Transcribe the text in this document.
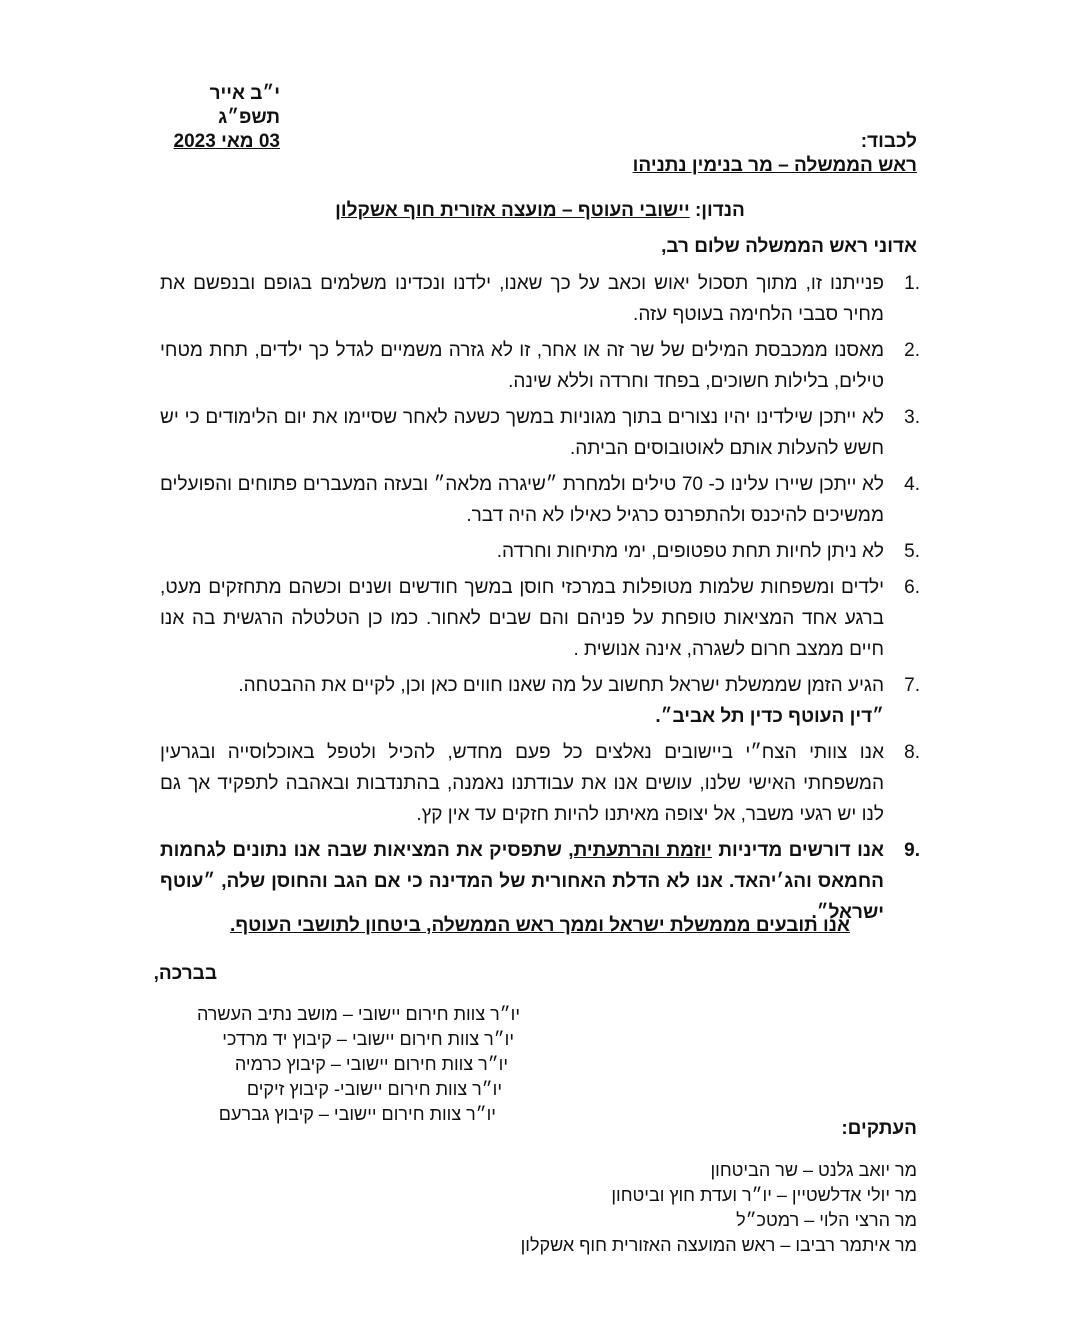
י״ב אייר תשפ״ג
03 מאי 2023	לכבוד:
ראש הממשלה – מר בנימין נתניהו
הנדון: יישובי העוטף – מועצה אזורית חוף אשקלון
אדוני ראש הממשלה שלום רב,
1.
פנייתנו זו, מתוך תסכול יאוש וכאב על כך שאנו, ילדנו ונכדינו משלמים בגופם ובנפשם את מחיר סבבי הלחימה בעוטף עזה.
2.
מאסנו ממכבסת המילים של שר זה או אחר, זו לא גזרה משמיים לגדל כך ילדים, תחת מטחי טילים, בלילות חשוכים, בפחד וחרדה וללא שינה.
3.
לא ייתכן שילדינו יהיו נצורים בתוך מגוניות במשך כשעה לאחר שסיימו את יום הלימודים כי יש חשש להעלות אותם לאוטובוסים הביתה.
4.
לא ייתכן שיירו עלינו כ- 70 טילים ולמחרת ״שיגרה מלאה״ ובעזה המעברים פתוחים והפועלים ממשיכים להיכנס ולהתפרנס כרגיל כאילו לא היה דבר.
5.
לא ניתן לחיות תחת טפטופים, ימי מתיחות וחרדה.
6.
ילדים ומשפחות שלמות מטופלות במרכזי חוסן במשך חודשים ושנים וכשהם מתחזקים מעט, ברגע אחד המציאות טופחת על פניהם והם שבים לאחור. כמו כן הטלטלה הרגשית בה אנו חיים ממצב חרום לשגרה, אינה אנושית .
7.
הגיע הזמן שממשלת ישראל תחשוב על מה שאנו חווים כאן וכן, לקיים את ההבטחה.
״דין העוטף כדין תל אביב״.
8.
אנו צוותי הצח״י ביישובים נאלצים כל פעם מחדש, להכיל ולטפל באוכלוסייה ובגרעין המשפחתי האישי שלנו, עושים אנו את עבודתנו נאמנה, בהתנדבות ובאהבה לתפקיד אך גם לנו יש רגעי משבר, אל יצופה מאיתנו להיות חזקים עד אין קץ.
9.
אנו דורשים מדיניות יוזמת והרתעתית, שתפסיק את המציאות שבה אנו נתונים לגחמות החמאס והג׳יהאד. אנו לא הדלת האחורית של המדינה כי אם הגב והחוסן שלה, ״עוטף ישראל״.
אנו תובעים מממשלת ישראל וממך ראש הממשלה, ביטחון לתושבי העוטף.
בברכה,
יו״ר צוות חירום יישובי – מושב נתיב העשרה
יו״ר צוות חירום יישובי – קיבוץ יד מרדכי
יו״ר צוות חירום יישובי – קיבוץ כרמיה
יו״ר צוות חירום יישובי- קיבוץ זיקים
יו״ר צוות חירום יישובי – קיבוץ גברעם
העתקים:
מר יואב גלנט – שר הביטחון
מר יולי אדלשטיין – יו״ר ועדת חוץ וביטחון
מר הרצי הלוי – רמטכ״ל
מר איתמר רביבו – ראש המועצה האזורית חוף אשקלון
